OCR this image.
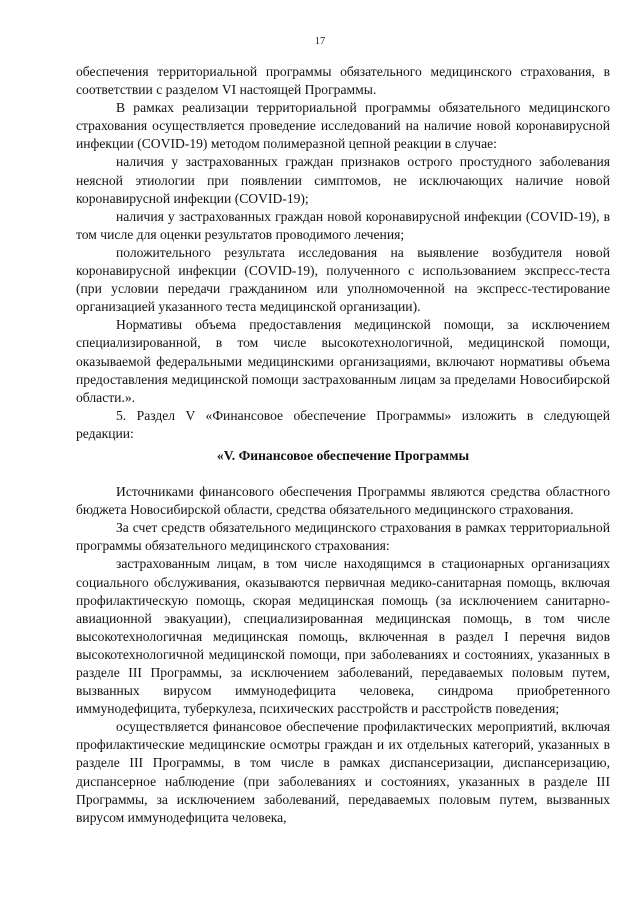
17

обеспечения территориальной программы обязательного медицинского страхования, в соответствии с разделом VI настоящей Программы.

В рамках реализации территориальной программы обязательного медицинского страхования осуществляется проведение исследований на наличие новой коронавирусной инфекции (COVID-19) методом полимеразной цепной реакции в случае:

наличия у застрахованных граждан признаков острого простудного заболевания неясной этиологии при появлении симптомов, не исключающих наличие новой коронавирусной инфекции (COVID-19);

наличия у застрахованных граждан новой коронавирусной инфекции (COVID-19), в том числе для оценки результатов проводимого лечения;

положительного результата исследования на выявление возбудителя новой коронавирусной инфекции (COVID-19), полученного с использованием экспресс-теста (при условии передачи гражданином или уполномоченной на экспресс-тестирование организацией указанного теста медицинской организации).

Нормативы объема предоставления медицинской помощи, за исключением специализированной, в том числе высокотехнологичной, медицинской помощи, оказываемой федеральными медицинскими организациями, включают нормативы объема предоставления медицинской помощи застрахованным лицам за пределами Новосибирской области.».

5. Раздел V «Финансовое обеспечение Программы» изложить в следующей редакции:

«V. Финансовое обеспечение Программы

Источниками финансового обеспечения Программы являются средства областного бюджета Новосибирской области, средства обязательного медицинского страхования.

За счет средств обязательного медицинского страхования в рамках территориальной программы обязательного медицинского страхования:

застрахованным лицам, в том числе находящимся в стационарных организациях социального обслуживания, оказываются первичная медико-санитарная помощь, включая профилактическую помощь, скорая медицинская помощь (за исключением санитарно-авиационной эвакуации), специализированная медицинская помощь, в том числе высокотехнологичная медицинская помощь, включенная в раздел I перечня видов высокотехнологичной медицинской помощи, при заболеваниях и состояниях, указанных в разделе III Программы, за исключением заболеваний, передаваемых половым путем, вызванных вирусом иммунодефицита человека, синдрома приобретенного иммунодефицита, туберкулеза, психических расстройств и расстройств поведения;

осуществляется финансовое обеспечение профилактических мероприятий, включая профилактические медицинские осмотры граждан и их отдельных категорий, указанных в разделе III Программы, в том числе в рамках диспансеризации, диспансеризацию, диспансерное наблюдение (при заболеваниях и состояниях, указанных в разделе III Программы, за исключением заболеваний, передаваемых половым путем, вызванных вирусом иммунодефицита человека,
